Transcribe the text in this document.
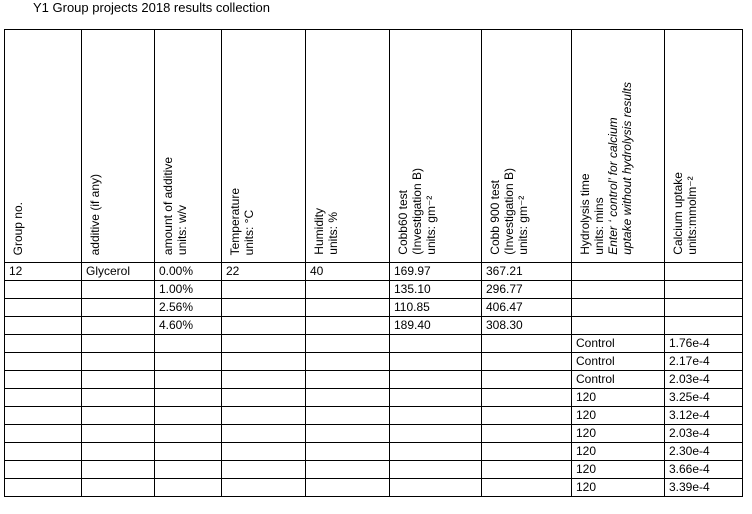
Y1 Group projects 2018 results collection
Group no.	additive (if any)	amount of additive units: w/v	Temperature units: °C	Humidity units: %	Cobb60 test (Investigation B) units: gm⁻²	Cobb 900 test (Investigation B) units: gm⁻²	Hydrolysis time units: mins Enter ‘ control’ for calcium uptake without hydrolysis results	Calcium uptake units:mmolm⁻²

12	Glycerol	0.00%	22	40	169.97	367.21		
		1.00%			135.10	296.77		
		2.56%			110.85	406.47		
		4.60%			189.40	308.30		
							Control	1.76e-4
							Control	2.17e-4
							Control	2.03e-4
							120	3.25e-4
							120	3.12e-4
							120	2.03e-4
							120	2.30e-4
							120	3.66e-4
							120	3.39e-4
